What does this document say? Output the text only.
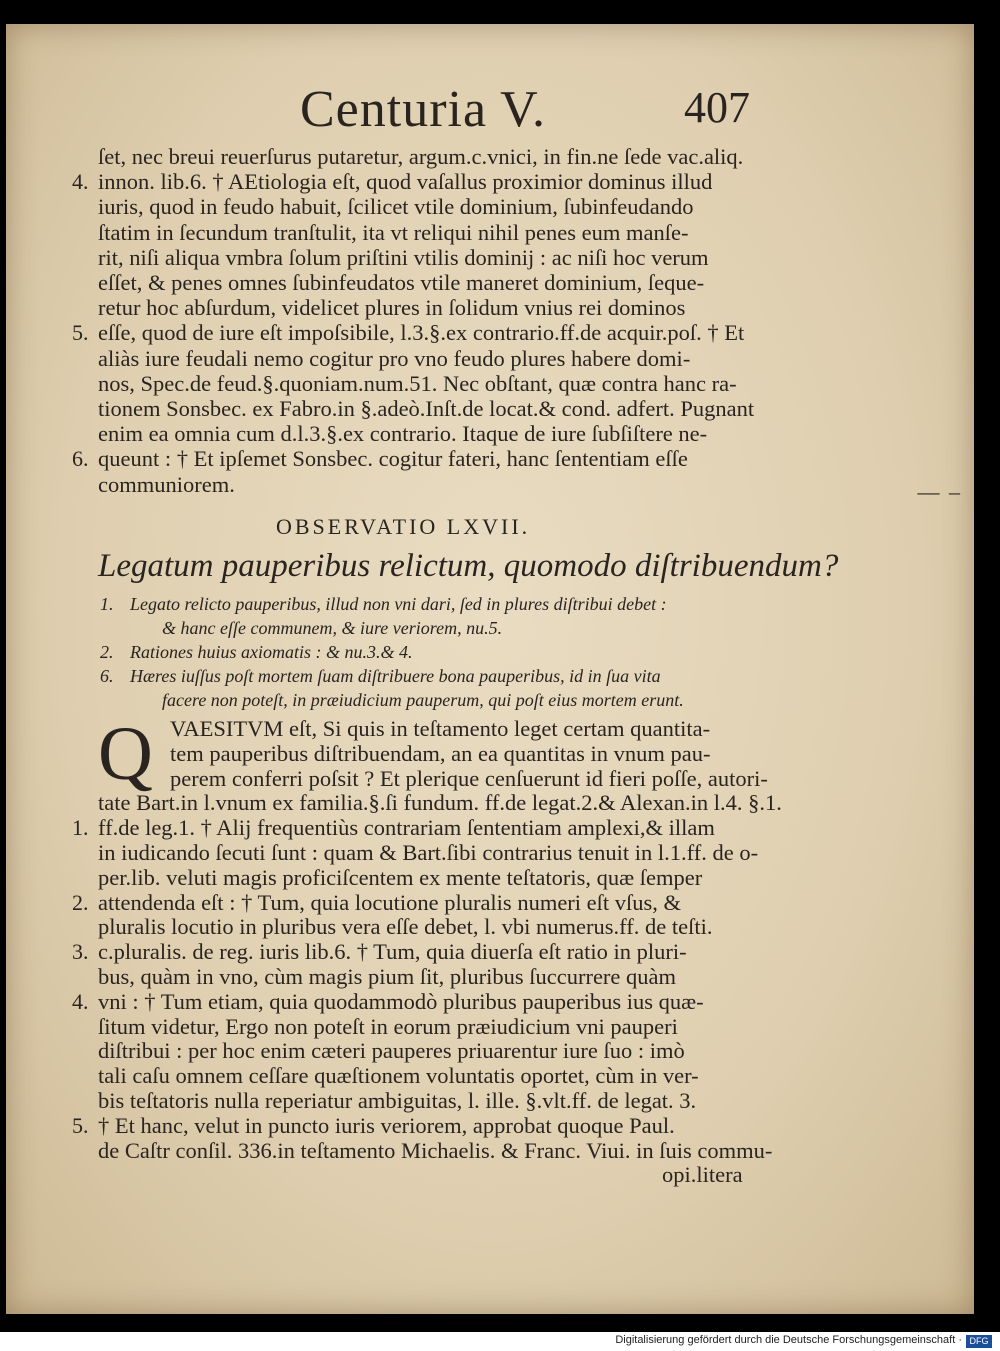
Centuria V.	407
ſet, nec breui reuerſurus putaretur, argum.c.vnici, in fin.ne ſede vac.aliq.
innon. lib.6. † AEtiologia eſt, quod vaſallus proximior dominus illud
iuris, quod in feudo habuit, ſcilicet vtile dominium, ſubinfeudando
ſtatim in ſecundum tranſtulit, ita vt reliqui nihil penes eum manſe-
rit, niſi aliqua vmbra ſolum priſtini vtilis dominij : ac niſi hoc verum
eſſet, & penes omnes ſubinfeudatos vtile maneret dominium, ſeque-
retur hoc abſurdum, videlicet plures in ſolidum vnius rei dominos
eſſe, quod de iure eſt impoſsibile, l.3.§.ex contrario.ff.de acquir.poſ. † Et
aliàs iure feudali nemo cogitur pro vno feudo plures habere domi-
nos, Spec.de feud.§.quoniam.num.51. Nec obſtant, quæ contra hanc ra-
tionem Sonsbec. ex Fabro.in §.adeò.Inſt.de locat.& cond. adfert. Pugnant
enim ea omnia cum d.l.3.§.ex contrario. Itaque de iure ſubſiſtere ne-
queunt : † Et ipſemet Sonsbec. cogitur fateri, hanc ſententiam eſſe
communiorem.
4.
5.
6.
— –
OBSERVATIO LXVII.
Legatum pauperibus relictum, quomodo diſtribuendum?
1. Legato relicto pauperibus, illud non vni dari, ſed in plures diſtribui debet :
& hanc eſſe communem, & iure veriorem, nu.5.
2. Rationes huius axiomatis : & nu.3.& 4.
6. Hæres iuſſus poſt mortem ſuam diſtribuere bona pauperibus, id in ſua vita
facere non poteſt, in præiudicium pauperum, qui poſt eius mortem erunt.
Q VAESITVM eſt, Si quis in teſtamento leget certam quantita-
tem pauperibus diſtribuendam, an ea quantitas in vnum pau-
perem conferri poſsit ? Et plerique cenſuerunt id fieri poſſe, autori-
tate Bart.in l.vnum ex familia.§.ſi fundum. ff.de legat.2.& Alexan.in l.4. §.1.
ff.de leg.1. † Alij frequentiùs contrariam ſententiam amplexi,& illam
in iudicando ſecuti ſunt : quam & Bart.ſibi contrarius tenuit in l.1.ff. de o-
per.lib. veluti magis proficiſcentem ex mente teſtatoris, quæ ſemper
attendenda eſt : † Tum, quia locutione pluralis numeri eſt vſus, &
pluralis locutio in pluribus vera eſſe debet, l. vbi numerus.ff. de teſti.
c.pluralis. de reg. iuris lib.6. † Tum, quia diuerſa eſt ratio in pluri-
bus, quàm in vno, cùm magis pium ſit, pluribus ſuccurrere quàm
vni : † Tum etiam, quia quodammodò pluribus pauperibus ius quæ-
ſitum videtur, Ergo non poteſt in eorum præiudicium vni pauperi
diſtribui : per hoc enim cæteri pauperes priuarentur iure ſuo : imò
tali caſu omnem ceſſare quæſtionem voluntatis oportet, cùm in ver-
bis teſtatoris nulla reperiatur ambiguitas, l. ille. §.vlt.ff. de legat. 3.
† Et hanc, velut in puncto iuris veriorem, approbat quoque Paul.
de Caſtr conſil. 336.in teſtamento Michaelis. & Franc. Viui. in ſuis commu-
opi.litera
1.
2.
3.
4.
5.
Digitalisierung gefördert durch die Deutsche Forschungsgemeinschaft · DFG
